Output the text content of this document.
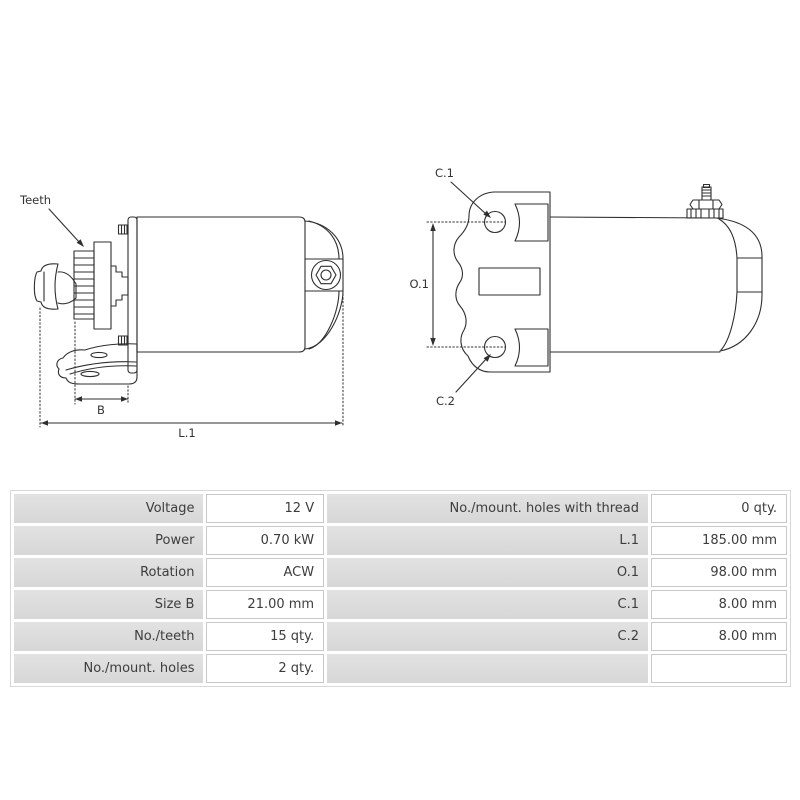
Teeth
B
L.1
C.1
C.2
O.1
Voltage	12 V	No./mount. holes with thread	0 qty.
Power	0.70 kW	L.1	185.00 mm
Rotation	ACW	O.1	98.00 mm
Size B	21.00 mm	C.1	8.00 mm
No./teeth	15 qty.	C.2	8.00 mm
No./mount. holes	2 qty.		
